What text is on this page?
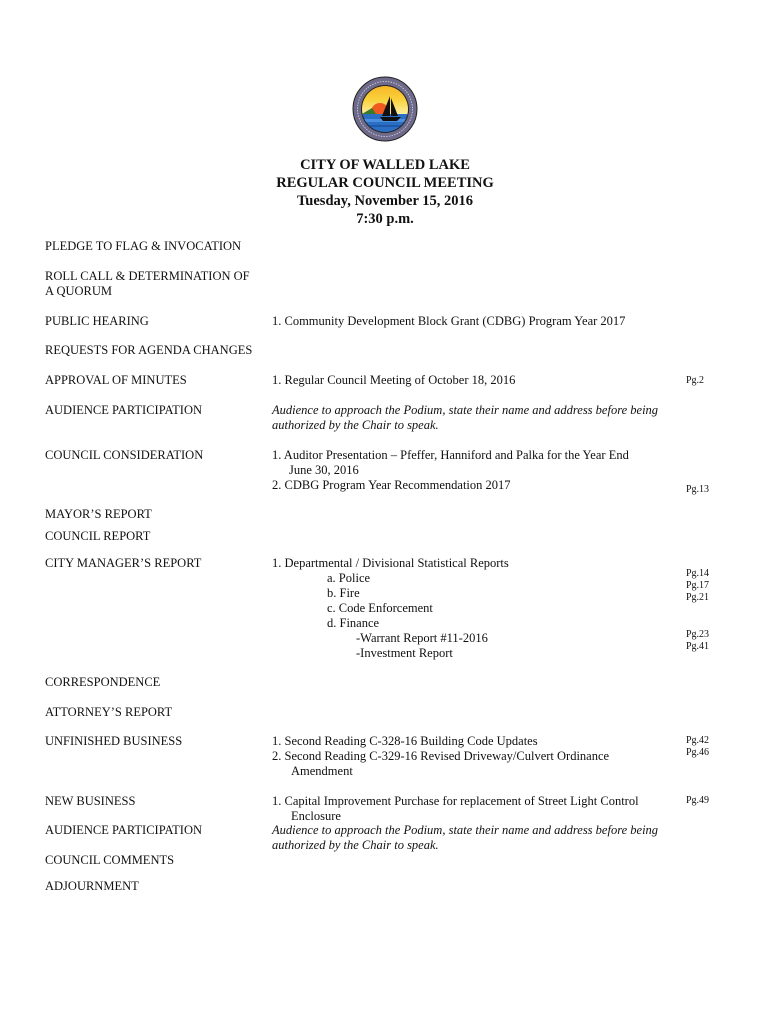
CITY OF WALLED LAKE
REGULAR COUNCIL MEETING
Tuesday, November 15, 2016
7:30 p.m.
PLEDGE TO FLAG & INVOCATION
ROLL CALL & DETERMINATION OF
A QUORUM
PUBLIC HEARING
REQUESTS FOR AGENDA CHANGES
APPROVAL OF MINUTES
AUDIENCE PARTICIPATION
COUNCIL CONSIDERATION
MAYOR’S REPORT
COUNCIL REPORT
CITY MANAGER’S REPORT
CORRESPONDENCE
ATTORNEY’S REPORT
UNFINISHED BUSINESS
NEW BUSINESS
AUDIENCE PARTICIPATION
COUNCIL COMMENTS
ADJOURNMENT
1. Community Development Block Grant (CDBG) Program Year 2017
1. Regular Council Meeting of October 18, 2016	Pg.2
Audience to approach the Podium, state their name and address before being
authorized by the Chair to speak.
1. Auditor Presentation – Pfeffer, Hanniford and Palka for the Year End
June 30, 2016
2. CDBG Program Year Recommendation 2017	Pg.13
1. Departmental / Divisional Statistical Reports
a. Police
b. Fire
c. Code Enforcement
d. Finance
-Warrant Report #11-2016
-Investment Report
Pg.14
Pg.17
Pg.21
Pg.23
Pg.41
1. Second Reading C-328-16 Building Code Updates
2. Second Reading C-329-16 Revised Driveway/Culvert Ordinance
Amendment
Pg.42
Pg.46
1. Capital Improvement Purchase for replacement of Street Light Control
Enclosure
Pg.49
Audience to approach the Podium, state their name and address before being
authorized by the Chair to speak.
